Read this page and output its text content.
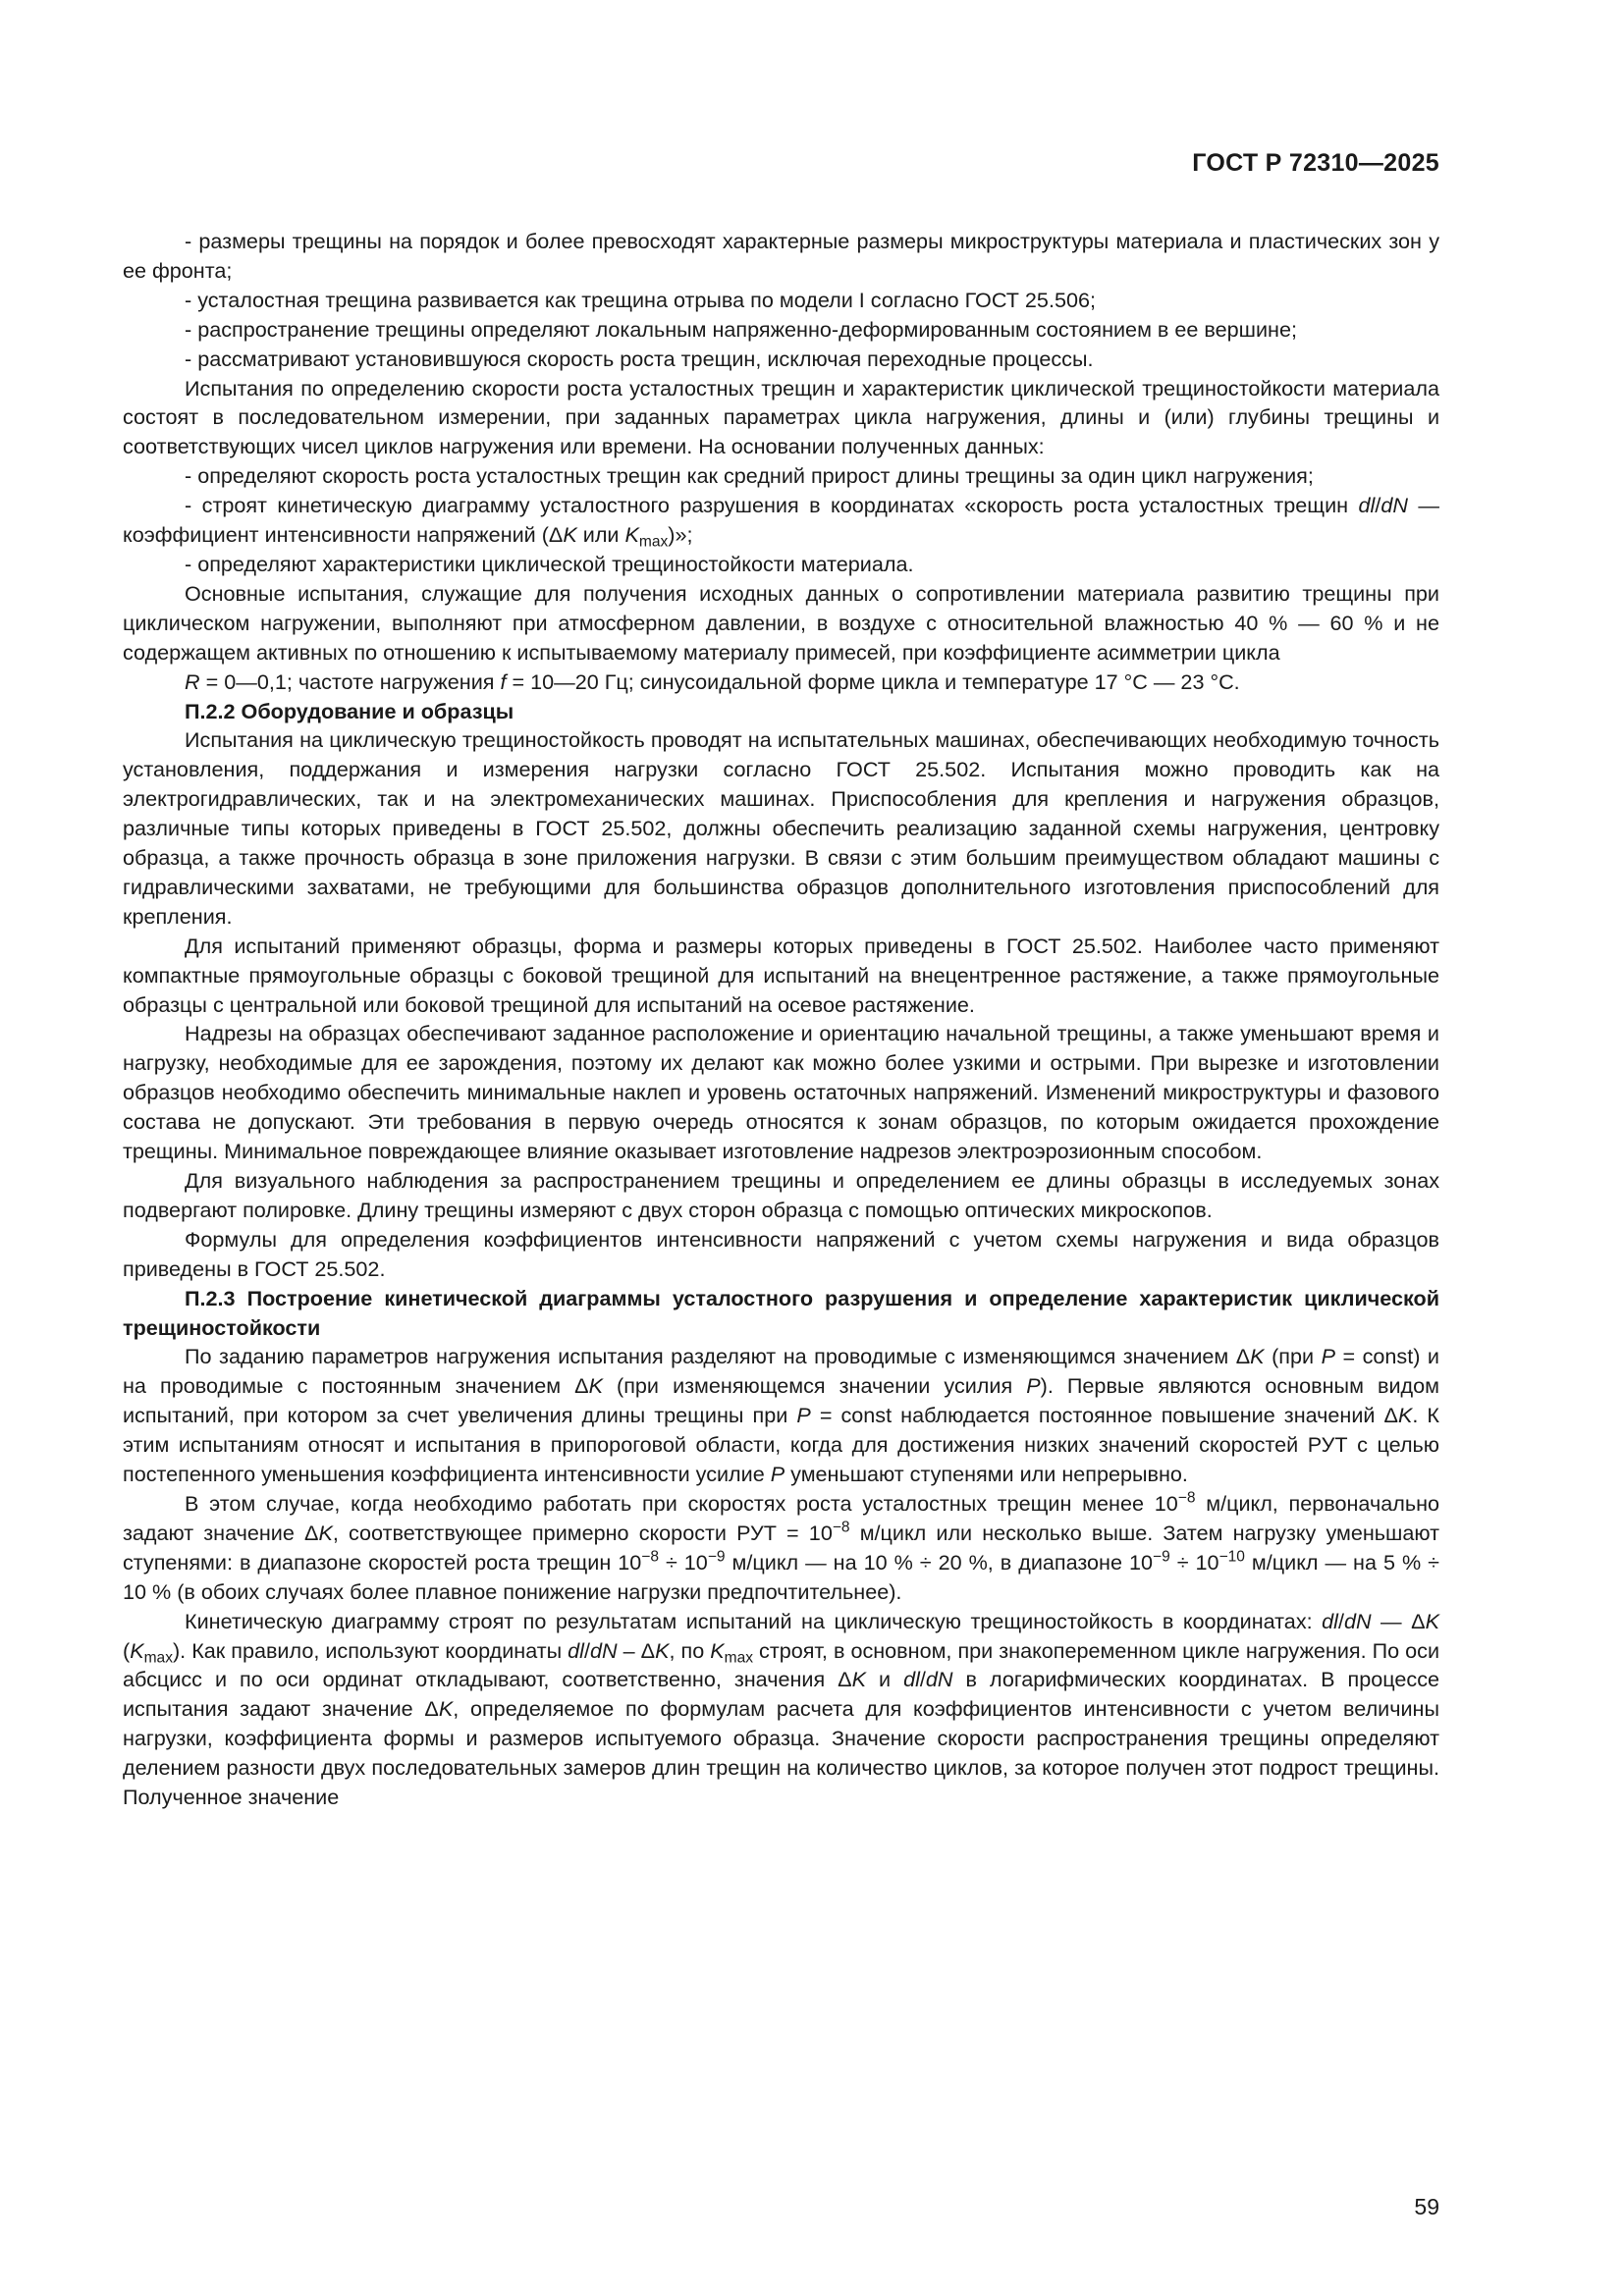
ГОСТ Р 72310—2025

- размеры трещины на порядок и более превосходят характерные размеры микроструктуры материала и пластических зон у ее фронта;

- усталостная трещина развивается как трещина отрыва по модели I согласно ГОСТ 25.506;

- распространение трещины определяют локальным напряженно-деформированным состоянием в ее вершине;

- рассматривают установившуюся скорость роста трещин, исключая переходные процессы.

Испытания по определению скорости роста усталостных трещин и характеристик циклической трещиностойкости материала состоят в последовательном измерении, при заданных параметрах цикла нагружения, длины и (или) глубины трещины и соответствующих чисел циклов нагружения или времени. На основании полученных данных:

- определяют скорость роста усталостных трещин как средний прирост длины трещины за один цикл нагружения;

- строят кинетическую диаграмму усталостного разрушения в координатах «скорость роста усталостных трещин dl/dN — коэффициент интенсивности напряжений (ΔK или $K_{max}$)»;

- определяют характеристики циклической трещиностойкости материала.

Основные испытания, служащие для получения исходных данных о сопротивлении материала развитию трещины при циклическом нагружении, выполняют при атмосферном давлении, в воздухе с относительной влажностью 40 % — 60 % и не содержащем активных по отношению к испытываемому материалу примесей, при коэффициенте асимметрии цикла

R = 0—0,1; частоте нагружения f = 10—20 Гц; синусоидальной форме цикла и температуре 17 °C — 23 °C.

П.2.2 Оборудование и образцы

Испытания на циклическую трещиностойкость проводят на испытательных машинах, обеспечивающих необходимую точность установления, поддержания и измерения нагрузки согласно ГОСТ 25.502. Испытания можно проводить как на электрогидравлических, так и на электромеханических машинах. Приспособления для крепления и нагружения образцов, различные типы которых приведены в ГОСТ 25.502, должны обеспечить реализацию заданной схемы нагружения, центровку образца, а также прочность образца в зоне приложения нагрузки. В связи с этим большим преимуществом обладают машины с гидравлическими захватами, не требующими для большинства образцов дополнительного изготовления приспособлений для крепления.

Для испытаний применяют образцы, форма и размеры которых приведены в ГОСТ 25.502. Наиболее часто применяют компактные прямоугольные образцы с боковой трещиной для испытаний на внецентренное растяжение, а также прямоугольные образцы с центральной или боковой трещиной для испытаний на осевое растяжение.

Надрезы на образцах обеспечивают заданное расположение и ориентацию начальной трещины, а также уменьшают время и нагрузку, необходимые для ее зарождения, поэтому их делают как можно более узкими и острыми. При вырезке и изготовлении образцов необходимо обеспечить минимальные наклеп и уровень остаточных напряжений. Изменений микроструктуры и фазового состава не допускают. Эти требования в первую очередь относятся к зонам образцов, по которым ожидается прохождение трещины. Минимальное повреждающее влияние оказывает изготовление надрезов электроэрозионным способом.

Для визуального наблюдения за распространением трещины и определением ее длины образцы в исследуемых зонах подвергают полировке. Длину трещины измеряют с двух сторон образца с помощью оптических микроскопов.

Формулы для определения коэффициентов интенсивности напряжений с учетом схемы нагружения и вида образцов приведены в ГОСТ 25.502.

П.2.3 Построение кинетической диаграммы усталостного разрушения и определение характеристик циклической трещиностойкости

По заданию параметров нагружения испытания разделяют на проводимые с изменяющимся значением ΔK (при P = const) и на проводимые с постоянным значением ΔK (при изменяющемся значении усилия P). Первые являются основным видом испытаний, при котором за счет увеличения длины трещины при P = const наблюдается постоянное повышение значений ΔK. К этим испытаниям относят и испытания в припороговой области, когда для достижения низких значений скоростей РУТ с целью постепенного уменьшения коэффициента интенсивности усилие P уменьшают ступенями или непрерывно.

В этом случае, когда необходимо работать при скоростях роста усталостных трещин менее $10^{-8}$ м/цикл, первоначально задают значение ΔK, соответствующее примерно скорости РУТ = $10^{-8}$ м/цикл или несколько выше. Затем нагрузку уменьшают ступенями: в диапазоне скоростей роста трещин $10^{-8} \div 10^{-9}$ м/цикл — на 10 % ÷ 20 %, в диапазоне $10^{-9} \div 10^{-10}$ м/цикл — на 5 % ÷ 10 % (в обоих случаях более плавное понижение нагрузки предпочтительнее).

Кинетическую диаграмму строят по результатам испытаний на циклическую трещиностойкость в координатах: dl/dN — ΔK $(K_{max})$. Как правило, используют координаты dl/dN – ΔK, по $K_{max}$ строят, в основном, при знакопеременном цикле нагружения. По оси абсцисс и по оси ординат откладывают, соответственно, значения ΔK и dl/dN в логарифмических координатах. В процессе испытания задают значение ΔK, определяемое по формулам расчета для коэффициентов интенсивности с учетом величины нагрузки, коэффициента формы и размеров испытуемого образца. Значение скорости распространения трещины определяют делением разности двух последовательных замеров длин трещин на количество циклов, за которое получен этот подрост трещины. Полученное значение

59
